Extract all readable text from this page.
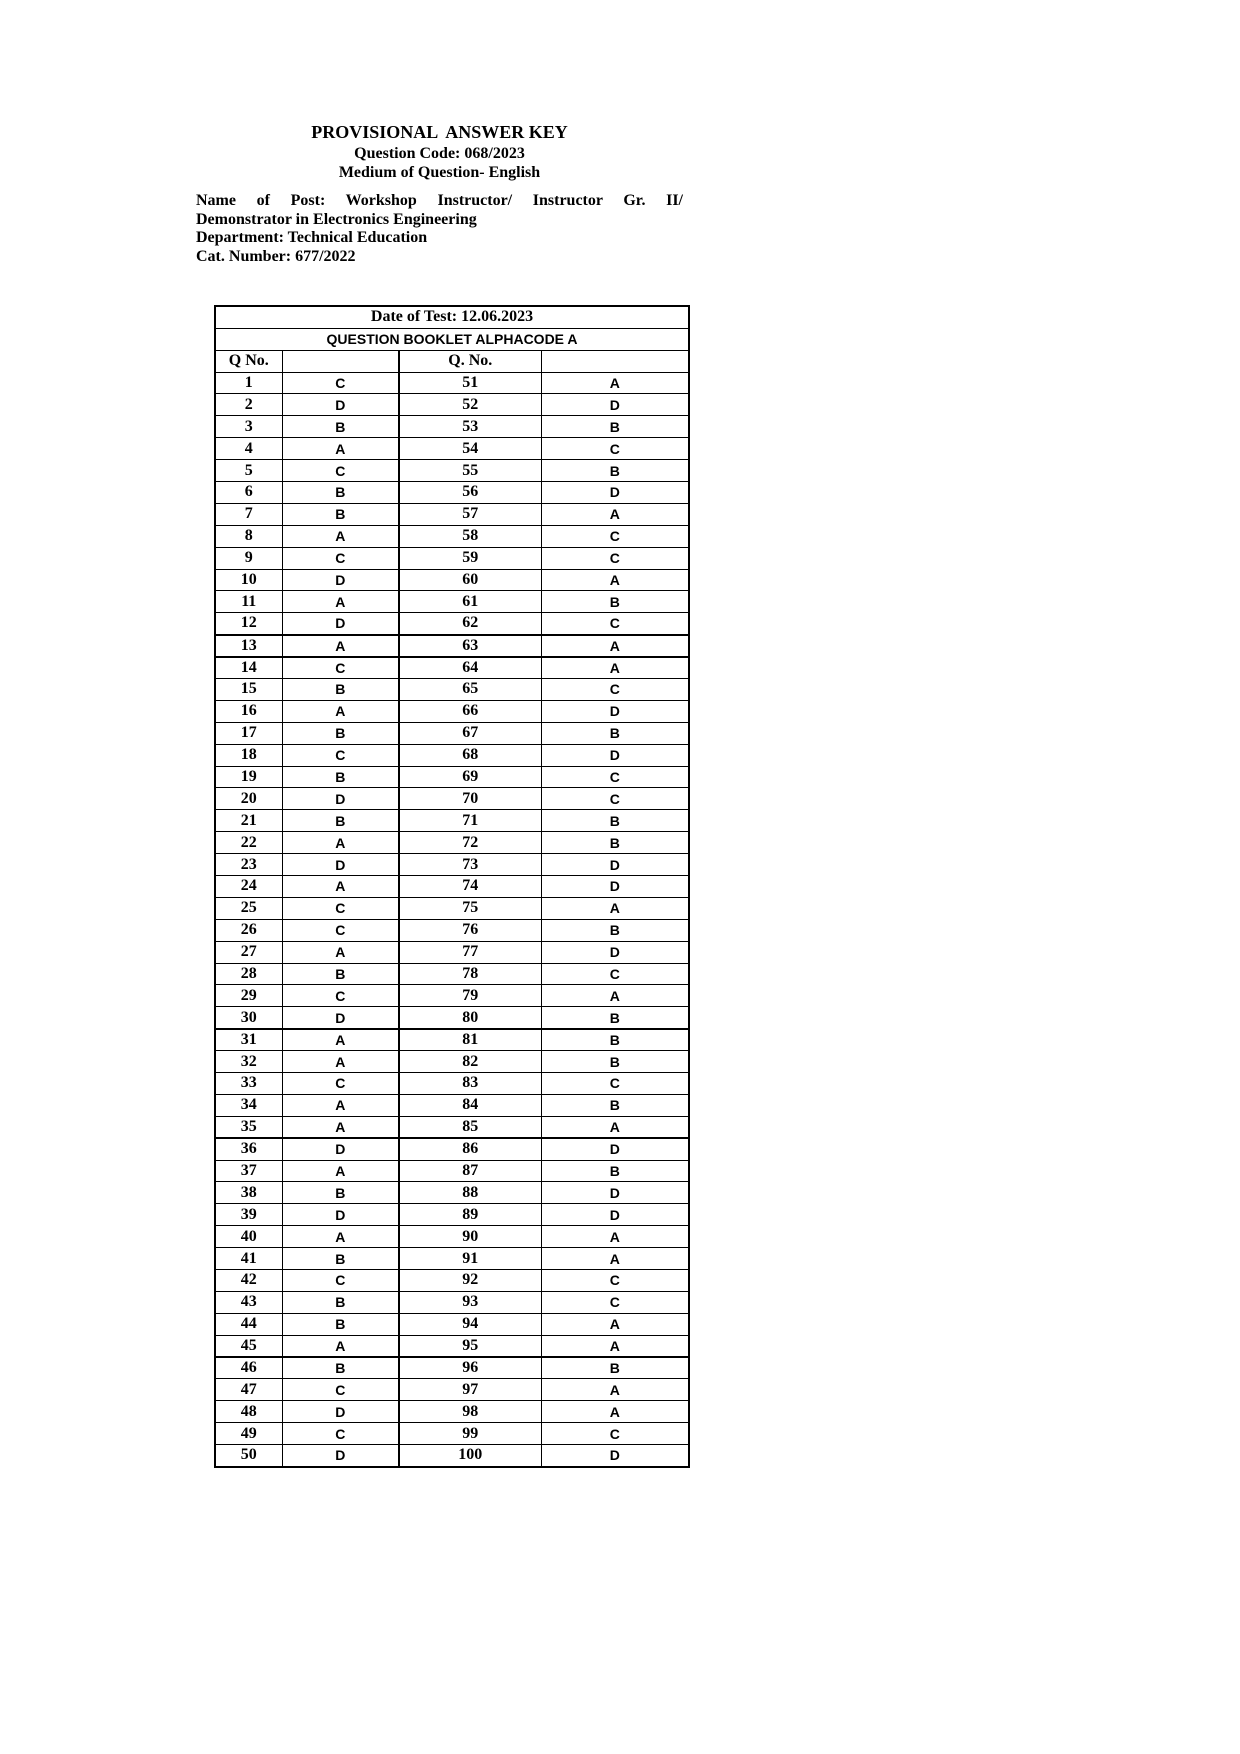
PROVISIONAL  ANSWER KEY
Question Code: 068/2023
Medium of Question- English
Name of Post: Workshop Instructor/ Instructor Gr. II/
Demonstrator in Electronics Engineering
Department: Technical Education
Cat. Number: 677/2022
Date of Test: 12.06.2023			
QUESTION BOOKLET ALPHACODE A			
Q No.		Q. No.	
1	C	51	A
2	D	52	D
3	B	53	B
4	A	54	C
5	C	55	B
6	B	56	D
7	B	57	A
8	A	58	C
9	C	59	C
10	D	60	A
11	A	61	B
12	D	62	C
13	A	63	A
14	C	64	A
15	B	65	C
16	A	66	D
17	B	67	B
18	C	68	D
19	B	69	C
20	D	70	C
21	B	71	B
22	A	72	B
23	D	73	D
24	A	74	D
25	C	75	A
26	C	76	B
27	A	77	D
28	B	78	C
29	C	79	A
30	D	80	B
31	A	81	B
32	A	82	B
33	C	83	C
34	A	84	B
35	A	85	A
36	D	86	D
37	A	87	B
38	B	88	D
39	D	89	D
40	A	90	A
41	B	91	A
42	C	92	C
43	B	93	C
44	B	94	A
45	A	95	A
46	B	96	B
47	C	97	A
48	D	98	A
49	C	99	C
50	D	100	D
